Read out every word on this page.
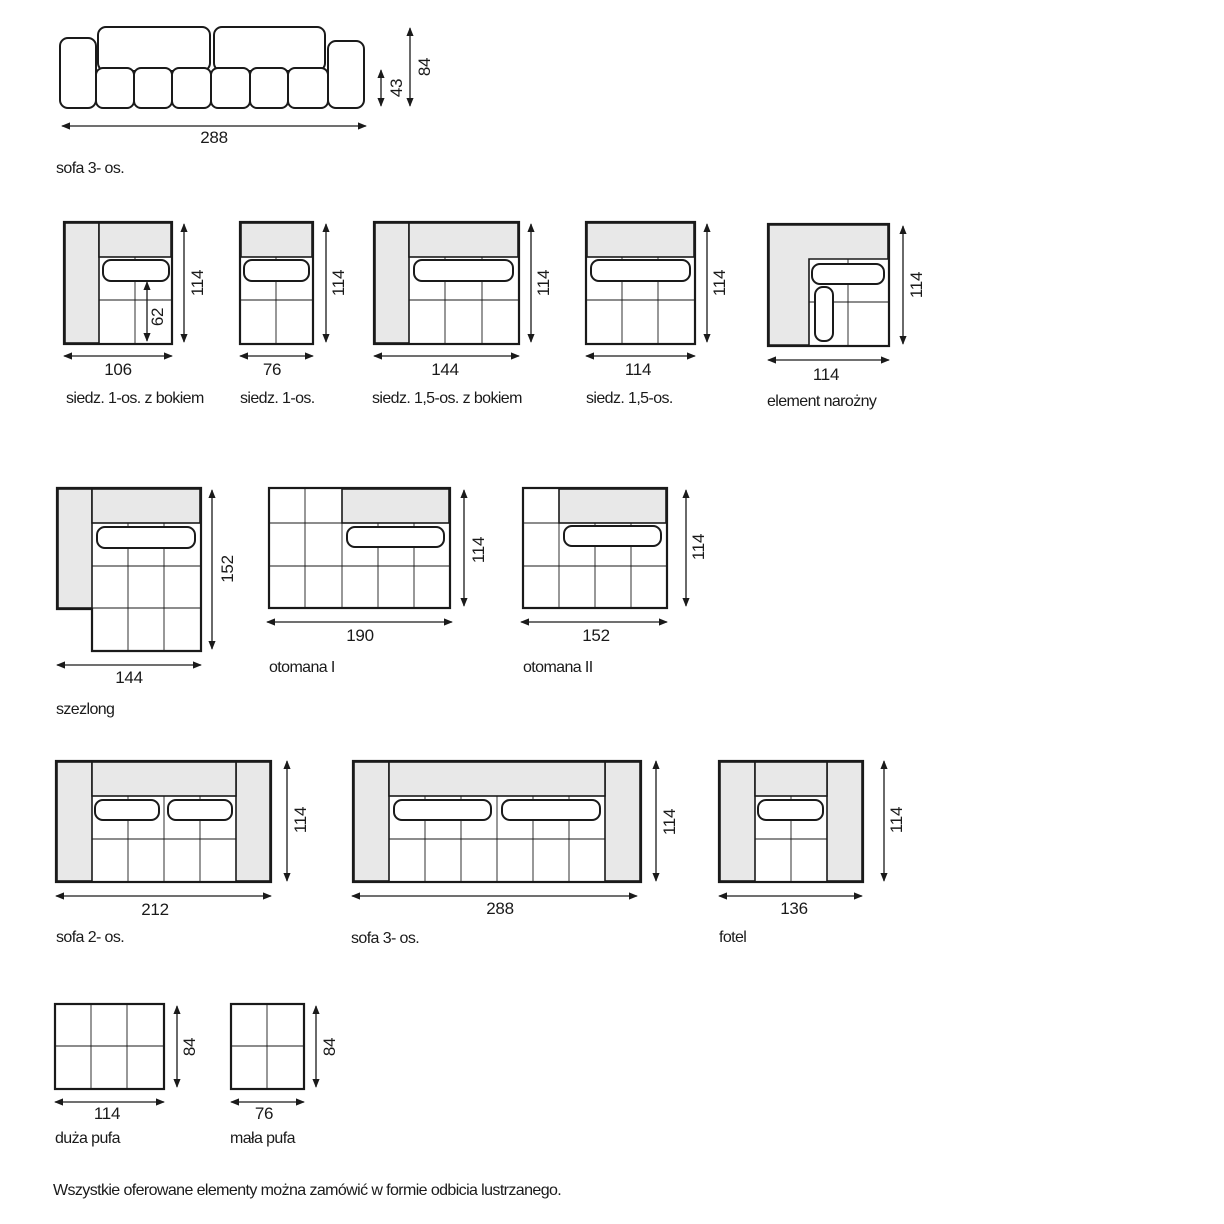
288
43
84
sofa 3- os.
62
114
106
siedz. 1-os. z bokiem
114
76
siedz. 1-os.
114
144
siedz. 1,5-os. z bokiem
114
114
siedz. 1,5-os.
114
114
element narożny
152
144
szezlong
114
190
otomana I
114
152
otomana II
114
212
sofa 2- os.
114
288
sofa 3- os.
114
136
fotel
84
114
duża pufa
84
76
mała pufa
Wszystkie oferowane elementy można zamówić w formie odbicia lustrzanego.
